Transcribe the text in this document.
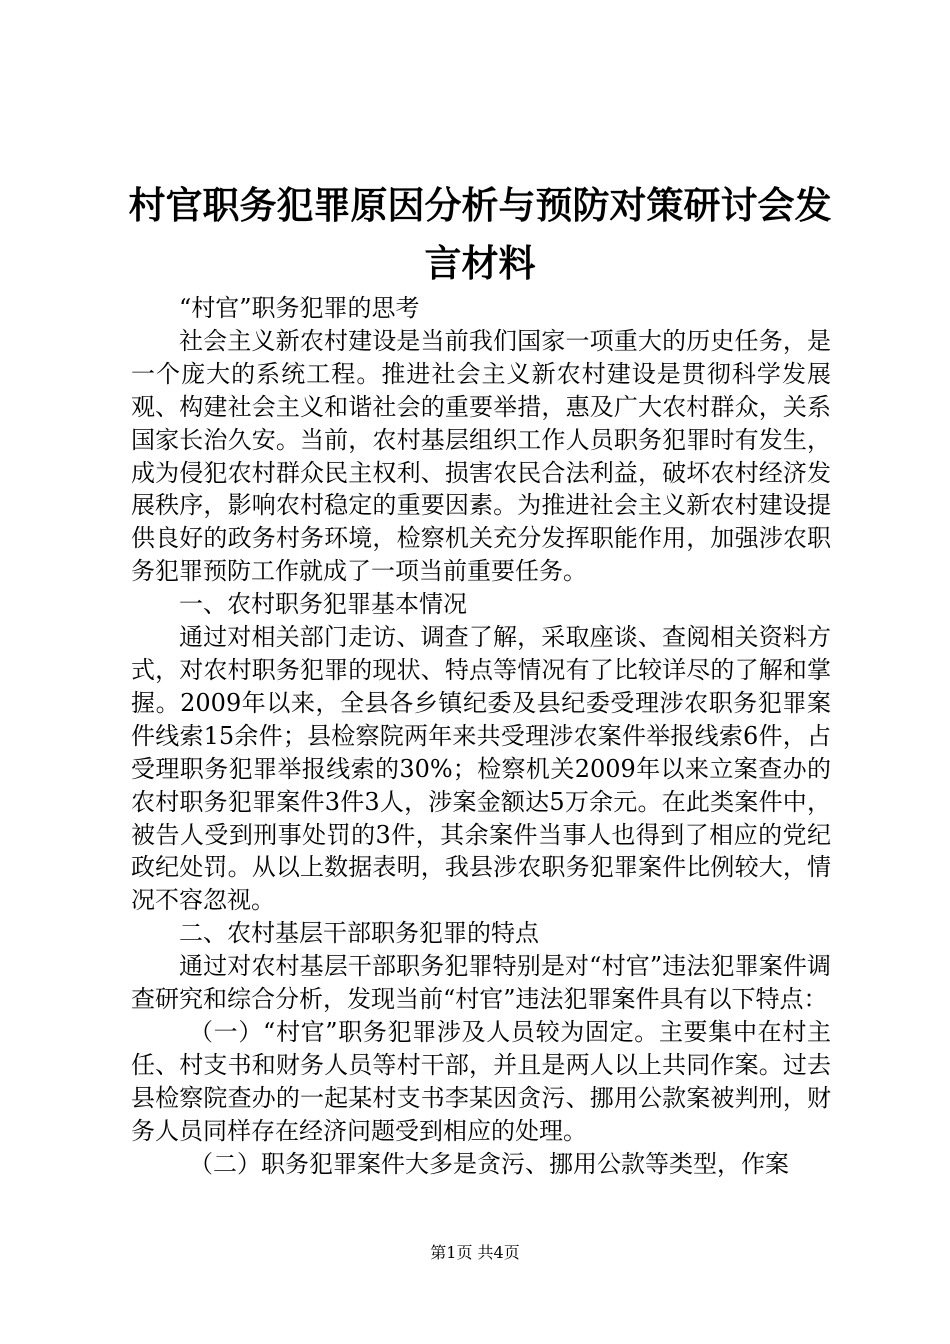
村官职务犯罪原因分析与预防对策研讨会发言材料

“村官”职务犯罪的思考

社会主义新农村建设是当前我们国家一项重大的历史任务，是一个庞大的系统工程。推进社会主义新农村建设是贯彻科学发展观、构建社会主义和谐社会的重要举措，惠及广大农村群众，关系国家长治久安。当前，农村基层组织工作人员职务犯罪时有发生，成为侵犯农村群众民主权利、损害农民合法利益，破坏农村经济发展秩序，影响农村稳定的重要因素。为推进社会主义新农村建设提供良好的政务村务环境，检察机关充分发挥职能作用，加强涉农职务犯罪预防工作就成了一项当前重要任务。

一、农村职务犯罪基本情况

通过对相关部门走访、调查了解，采取座谈、查阅相关资料方式，对农村职务犯罪的现状、特点等情况有了比较详尽的了解和掌握。2009年以来，全县各乡镇纪委及县纪委受理涉农职务犯罪案件线索15余件；县检察院两年来共受理涉农案件举报线索6件，占受理职务犯罪举报线索的30%；检察机关2009年以来立案查办的农村职务犯罪案件3件3人，涉案金额达5万余元。在此类案件中，被告人受到刑事处罚的3件，其余案件当事人也得到了相应的党纪政纪处罚。从以上数据表明，我县涉农职务犯罪案件比例较大，情况不容忽视。

二、农村基层干部职务犯罪的特点

通过对农村基层干部职务犯罪特别是对“村官”违法犯罪案件调查研究和综合分析，发现当前“村官”违法犯罪案件具有以下特点：

（一）“村官”职务犯罪涉及人员较为固定。主要集中在村主任、村支书和财务人员等村干部，并且是两人以上共同作案。过去县检察院查办的一起某村支书李某因贪污、挪用公款案被判刑，财务人员同样存在经济问题受到相应的处理。

（二）职务犯罪案件大多是贪污、挪用公款等类型，作案

第1页 共4页
